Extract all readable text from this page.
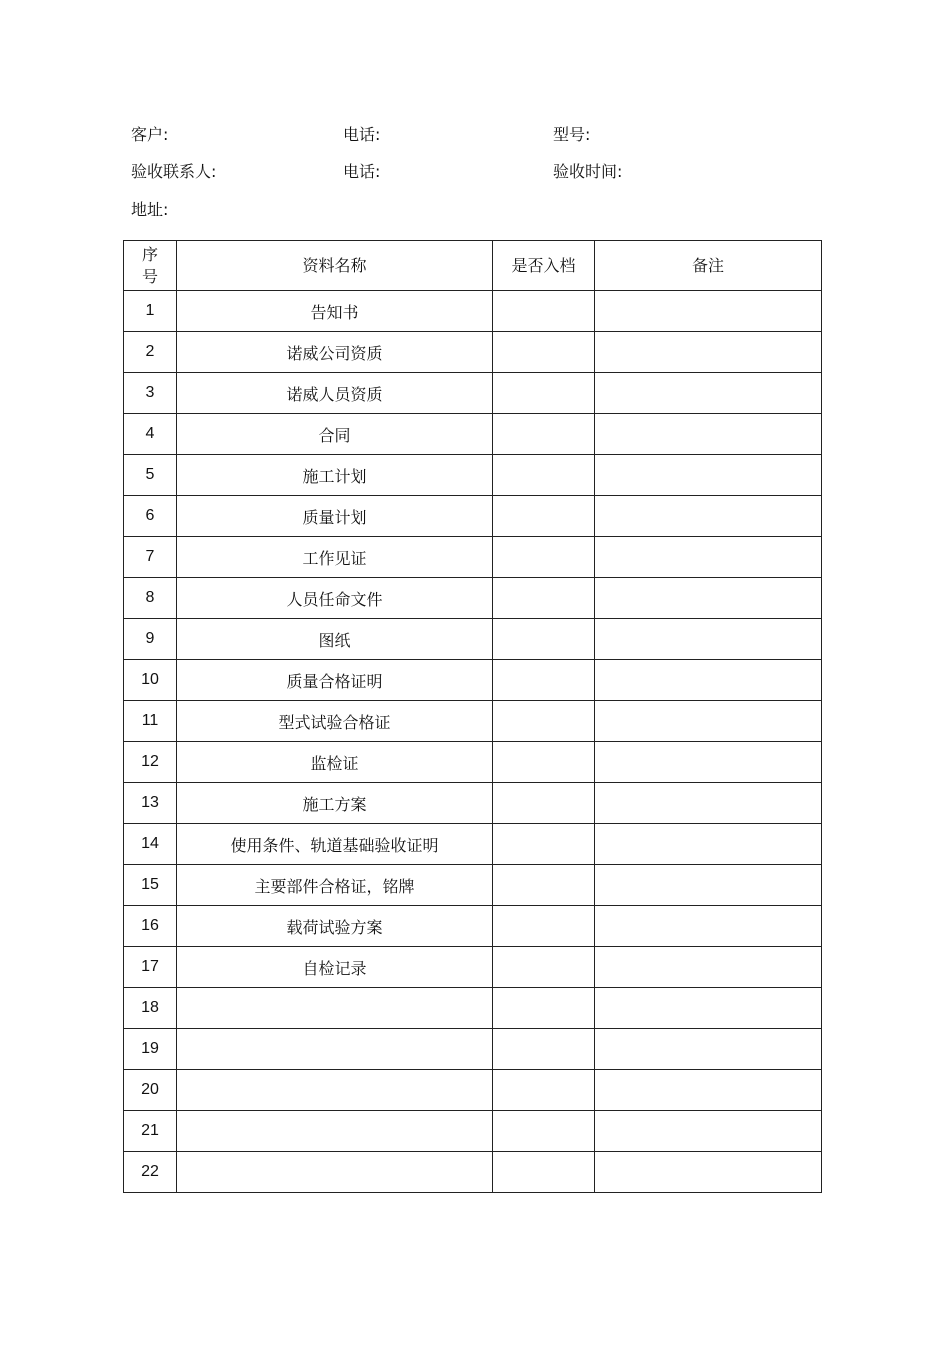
客户:	电话:	型号:
验收联系人:	电话:	验收时间:
地址:
序
号	资料名称	是否入档	备注
1	告知书		
2	诺威公司资质		
3	诺威人员资质		
4	合同		
5	施工计划		
6	质量计划		
7	工作见证		
8	人员任命文件		
9	图纸		
10	质量合格证明		
11	型式试验合格证		
12	监检证		
13	施工方案		
14	使用条件、轨道基础验收证明		
15	主要部件合格证，铭牌		
16	载荷试验方案		
17	自检记录		
18			
19			
20			
21			
22			
